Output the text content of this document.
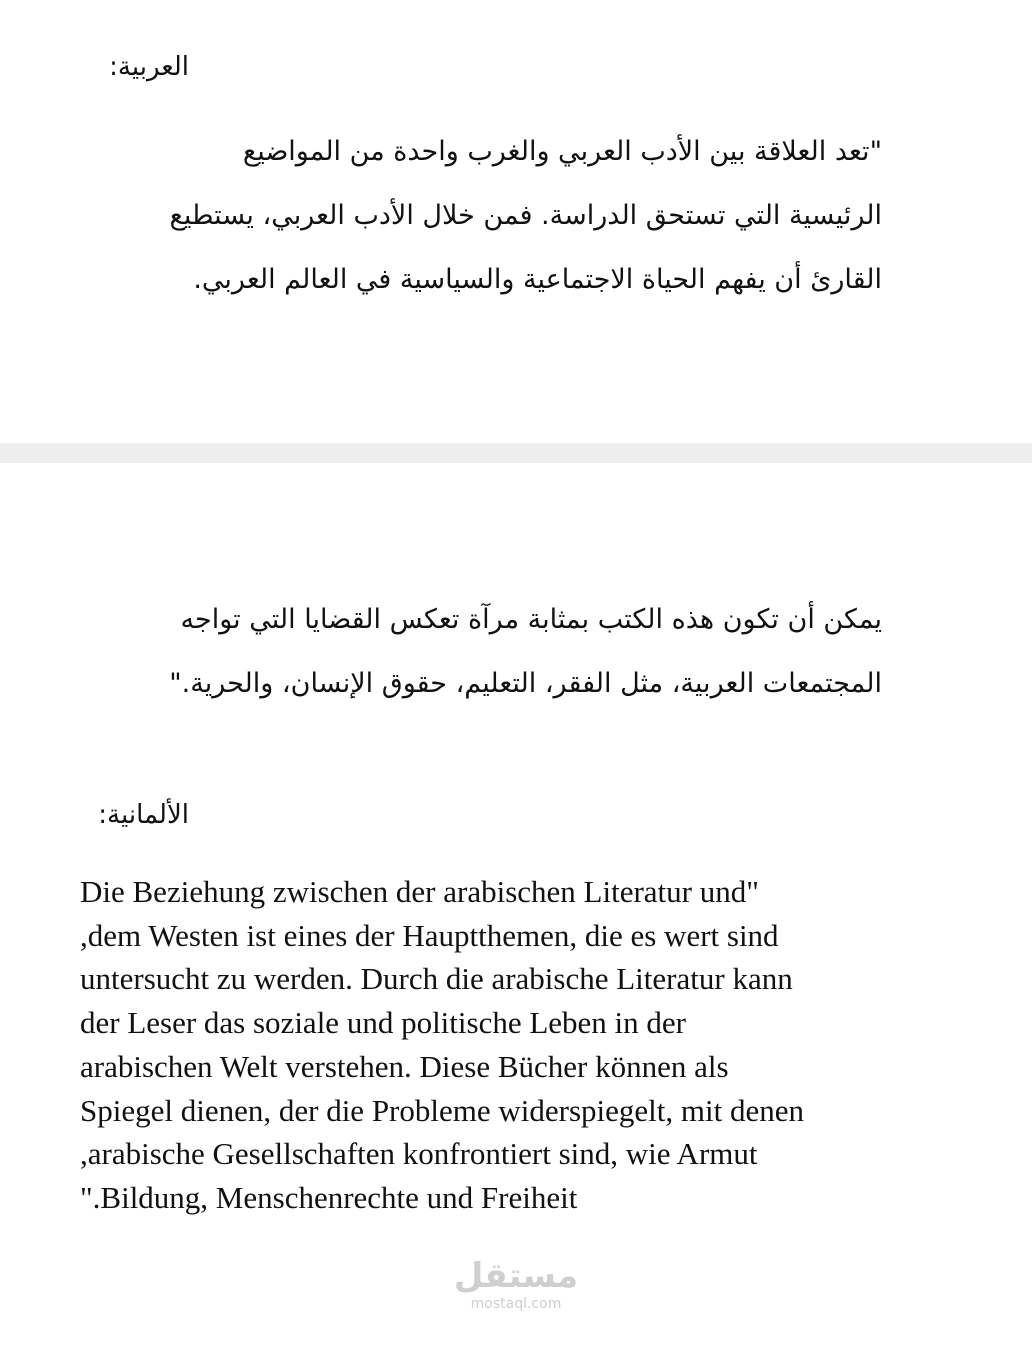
العربية:

"تعد العلاقة بين الأدب العربي والغرب واحدة من المواضيع
الرئيسية التي تستحق الدراسة. فمن خلال الأدب العربي، يستطيع
القارئ أن يفهم الحياة الاجتماعية والسياسية في العالم العربي.

يمكن أن تكون هذه الكتب بمثابة مرآة تعكس القضايا التي تواجه
المجتمعات العربية، مثل الفقر، التعليم، حقوق الإنسان، والحرية."

الألمانية:

Die Beziehung zwischen der arabischen Literatur und"
,dem Westen ist eines der Hauptthemen, die es wert sind
untersucht zu werden. Durch die arabische Literatur kann
der Leser das soziale und politische Leben in der
arabischen Welt verstehen. Diese Bücher können als
Spiegel dienen, der die Probleme widerspiegelt, mit denen
,arabische Gesellschaften konfrontiert sind, wie Armut
".Bildung, Menschenrechte und Freiheit

مستقل
mostaql.com
